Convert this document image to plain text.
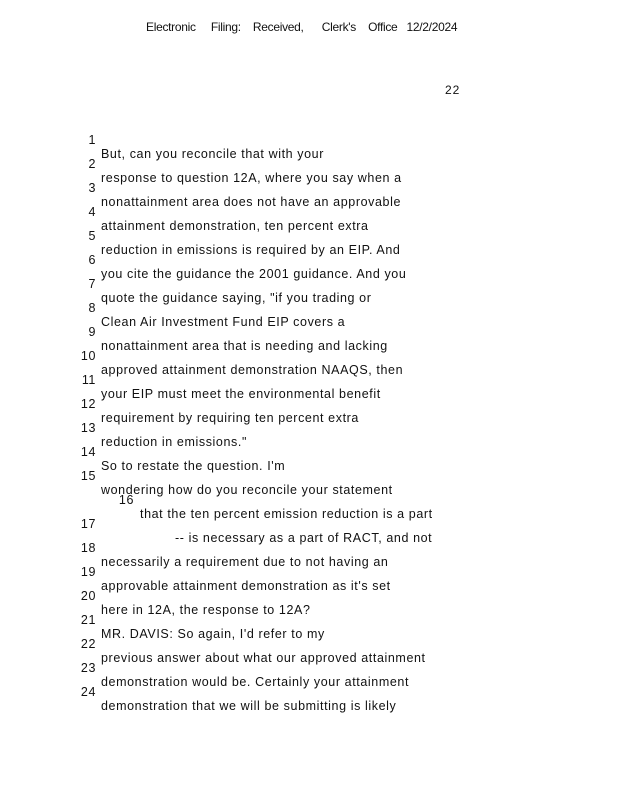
Electronic     Filing:    Received,      Clerk's    Office   12/2/2024
22

1

But, can you reconcile that with your

2

response to question 12A, where you say when a

3

nonattainment area does not have an approvable

4

attainment demonstration, ten percent extra

5

reduction in emissions is required by an EIP. And

6

you cite the guidance the 2001 guidance. And you

7

quote the guidance saying, "if you trading or

8

Clean Air Investment Fund EIP covers a

9

nonattainment area that is needing and lacking

10

approved attainment demonstration NAAQS, then

11

your EIP must meet the environmental benefit

12

requirement by requiring ten percent extra

13

reduction in emissions."

14

So to restate the question. I'm

15

wondering how do you reconcile your statement

16

that the ten percent emission reduction is a part

17

-- is necessary as a part of RACT, and not

18

necessarily a requirement due to not having an

19

approvable attainment demonstration as it's set

20

here in 12A, the response to 12A?

21

MR. DAVIS: So again, I'd refer to my

22

previous answer about what our approved attainment

23

demonstration would be. Certainly your attainment

24

demonstration that we will be submitting is likely
